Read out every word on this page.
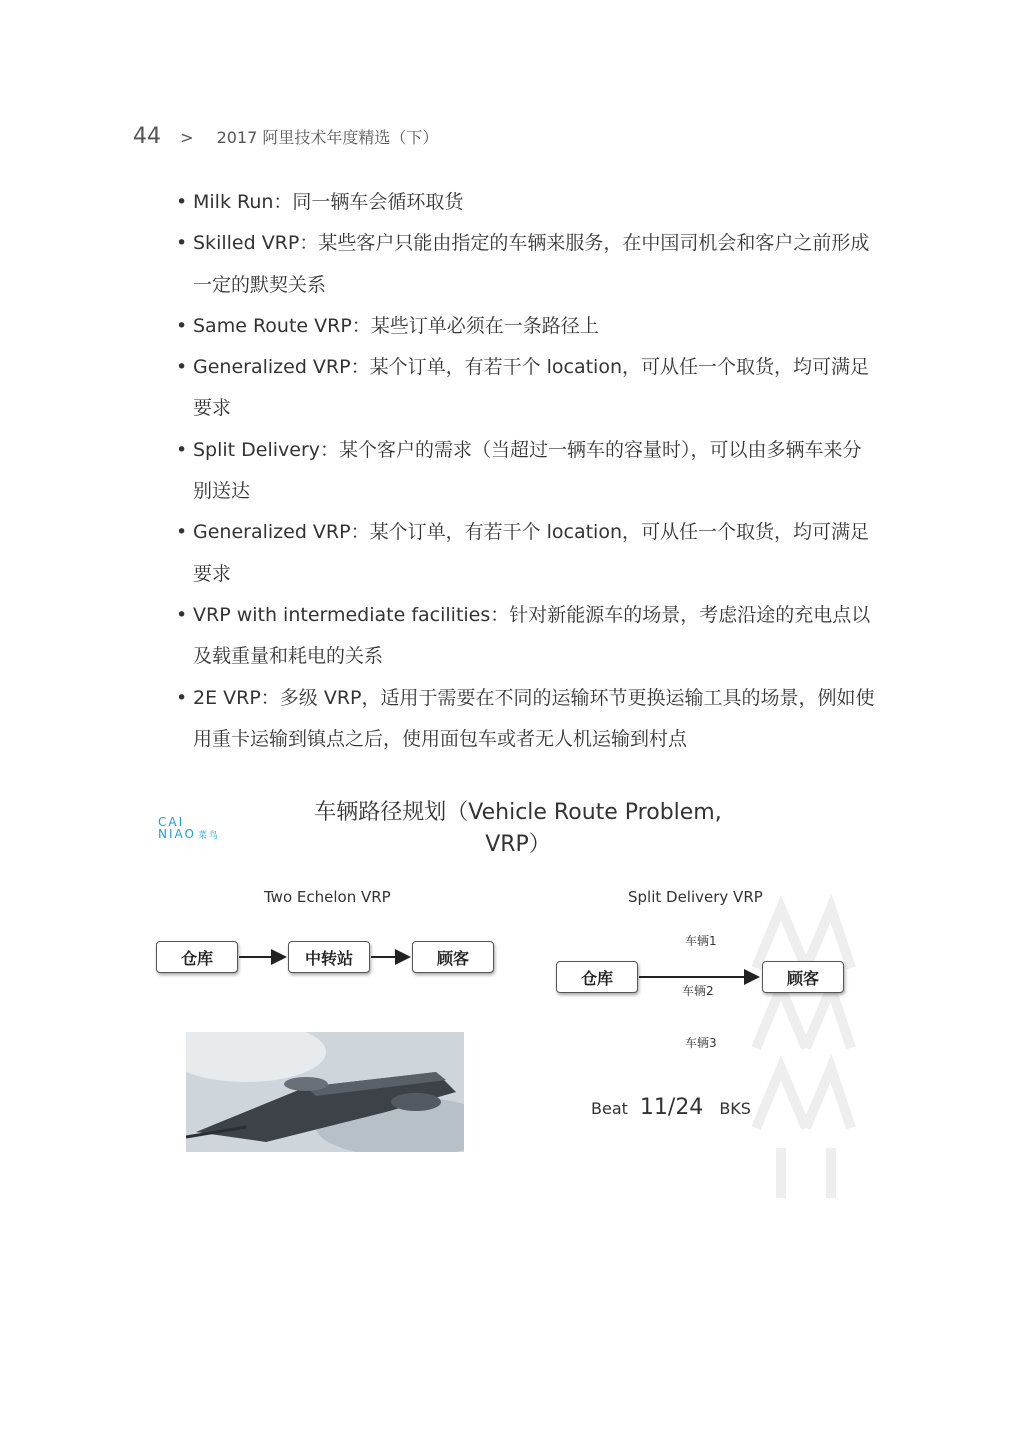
44 > 2017 阿里技术年度精选（下）
• Milk Run：同一辆车会循环取货
• Skilled VRP：某些客户只能由指定的车辆来服务，在中国司机会和客户之前形成一定的默契关系
• Same Route VRP：某些订单必须在一条路径上
• Generalized VRP：某个订单，有若干个 location，可从任一个取货，均可满足要求
• Split Delivery：某个客户的需求（当超过一辆车的容量时），可以由多辆车来分别送达
• Generalized VRP：某个订单，有若干个 location，可从任一个取货，均可满足要求
• VRP with intermediate facilities：针对新能源车的场景，考虑沿途的充电点以及载重量和耗电的关系
• 2E VRP：多级 VRP，适用于需要在不同的运输环节更换运输工具的场景，例如使用重卡运输到镇点之后，使用面包车或者无人机运输到村点
CAI
NIAO 菜鸟
车辆路径规划（Vehicle Route Problem,
VRP）
Two Echelon VRP
仓库	中转站	顾客
Split Delivery VRP
车辆1
仓库	顾客
车辆2
车辆3
Beat 11/24 BKS
